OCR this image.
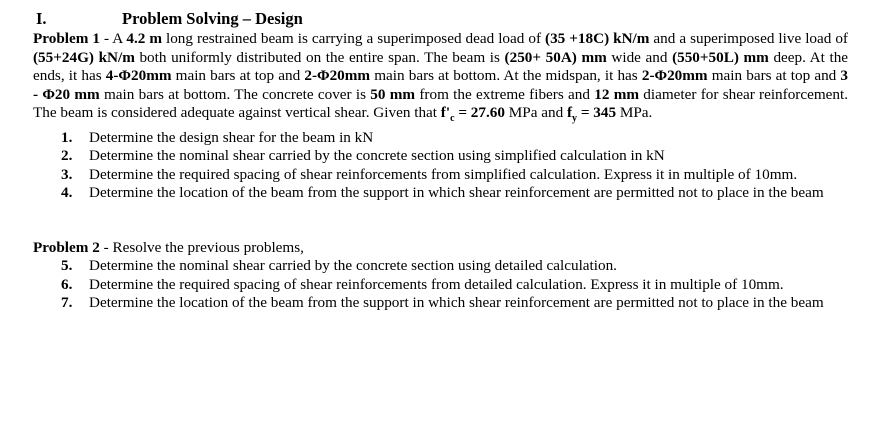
I.	Problem Solving – Design
Problem 1 - A 4.2 m long restrained beam is carrying a superimposed dead load of (35 +18C) kN/m and a superimposed live load of (55+24G) kN/m both uniformly distributed on the entire span. The beam is (250+ 50A) mm wide and (550+50L) mm deep. At the ends, it has 4-Φ20mm main bars at top and 2-Φ20mm main bars at bottom. At the midspan, it has 2-Φ20mm main bars at top and 3 - Φ20 mm main bars at bottom. The concrete cover is 50 mm from the extreme fibers and 12 mm diameter for shear reinforcement. The beam is considered adequate against vertical shear. Given that $f'_c = 27.60$ MPa and $f_y = 345$ MPa.
1.	Determine the design shear for the beam in kN
2.	Determine the nominal shear carried by the concrete section using simplified calculation in kN
3.	Determine the required spacing of shear reinforcements from simplified calculation. Express it in multiple of 10mm.
4.	Determine the location of the beam from the support in which shear reinforcement are permitted not to place in the beam
Problem 2 - Resolve the previous problems,
5.	Determine the nominal shear carried by the concrete section using detailed calculation.
6.	Determine the required spacing of shear reinforcements from detailed calculation. Express it in multiple of 10mm.
7.	Determine the location of the beam from the support in which shear reinforcement are permitted not to place in the beam
